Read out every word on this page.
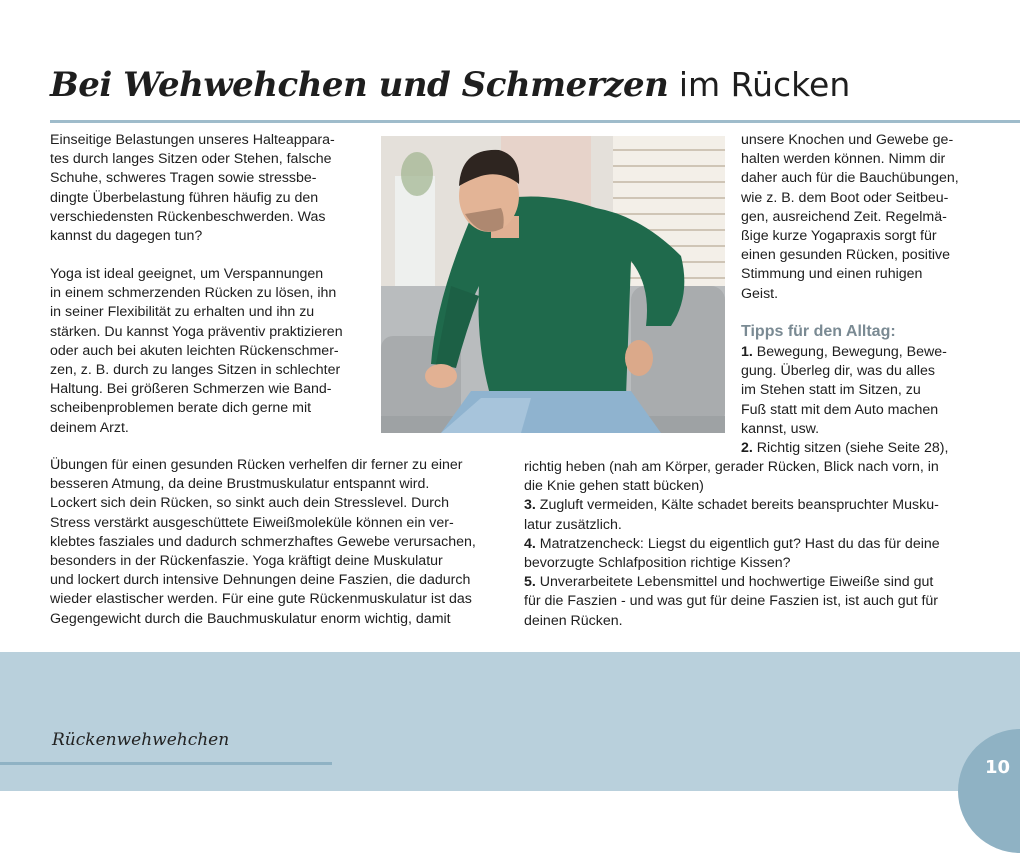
Bei Wehwehchen und Schmerzen im Rücken
Einseitige Belastungen unseres Halteappara-
tes durch langes Sitzen oder Stehen, falsche
Schuhe, schweres Tragen sowie stressbe-
dingte Überbelastung führen häufig zu den
verschiedensten Rückenbeschwerden. Was
kannst du dagegen tun?
Yoga ist ideal geeignet, um Verspannungen
in einem schmerzenden Rücken zu lösen, ihn
in seiner Flexibilität zu erhalten und ihn zu
stärken. Du kannst Yoga präventiv praktizieren
oder auch bei akuten leichten Rückenschmer-
zen, z. B. durch zu langes Sitzen in schlechter
Haltung. Bei größeren Schmerzen wie Band-
scheibenproblemen berate dich gerne mit
deinem Arzt.
Übungen für einen gesunden Rücken verhelfen dir ferner zu einer
besseren Atmung, da deine Brustmuskulatur entspannt wird.
Lockert sich dein Rücken, so sinkt auch dein Stresslevel. Durch
Stress verstärkt ausgeschüttete Eiweißmoleküle können ein ver-
klebtes fasziales und dadurch schmerzhaftes Gewebe verursachen,
besonders in der Rückenfaszie. Yoga kräftigt deine Muskulatur
und lockert durch intensive Dehnungen deine Faszien, die dadurch
wieder elastischer werden. Für eine gute Rückenmuskulatur ist das
Gegengewicht durch die Bauchmuskulatur enorm wichtig, damit
unsere Knochen und Gewebe ge-
halten werden können. Nimm dir
daher auch für die Bauchübungen,
wie z. B. dem Boot oder Seitbeu-
gen, ausreichend Zeit. Regelmä-
ßige kurze Yogapraxis sorgt für
einen gesunden Rücken, positive
Stimmung und einen ruhigen
Geist.
Tipps für den Alltag:
1. Bewegung, Bewegung, Bewe-
gung. Überleg dir, was du alles
im Stehen statt im Sitzen, zu
Fuß statt mit dem Auto machen
kannst, usw.
2. Richtig sitzen (siehe Seite 28),
richtig heben (nah am Körper, gerader Rücken, Blick nach vorn, in
die Knie gehen statt bücken)
3. Zugluft vermeiden, Kälte schadet bereits beanspruchter Musku-
latur zusätzlich.
4. Matratzencheck: Liegst du eigentlich gut? Hast du das für deine
bevorzugte Schlafposition richtige Kissen?
5. Unverarbeitete Lebensmittel und hochwertige Eiweiße sind gut
für die Faszien - und was gut für deine Faszien ist, ist auch gut für
deinen Rücken.

Rückenwehwehchen

10
